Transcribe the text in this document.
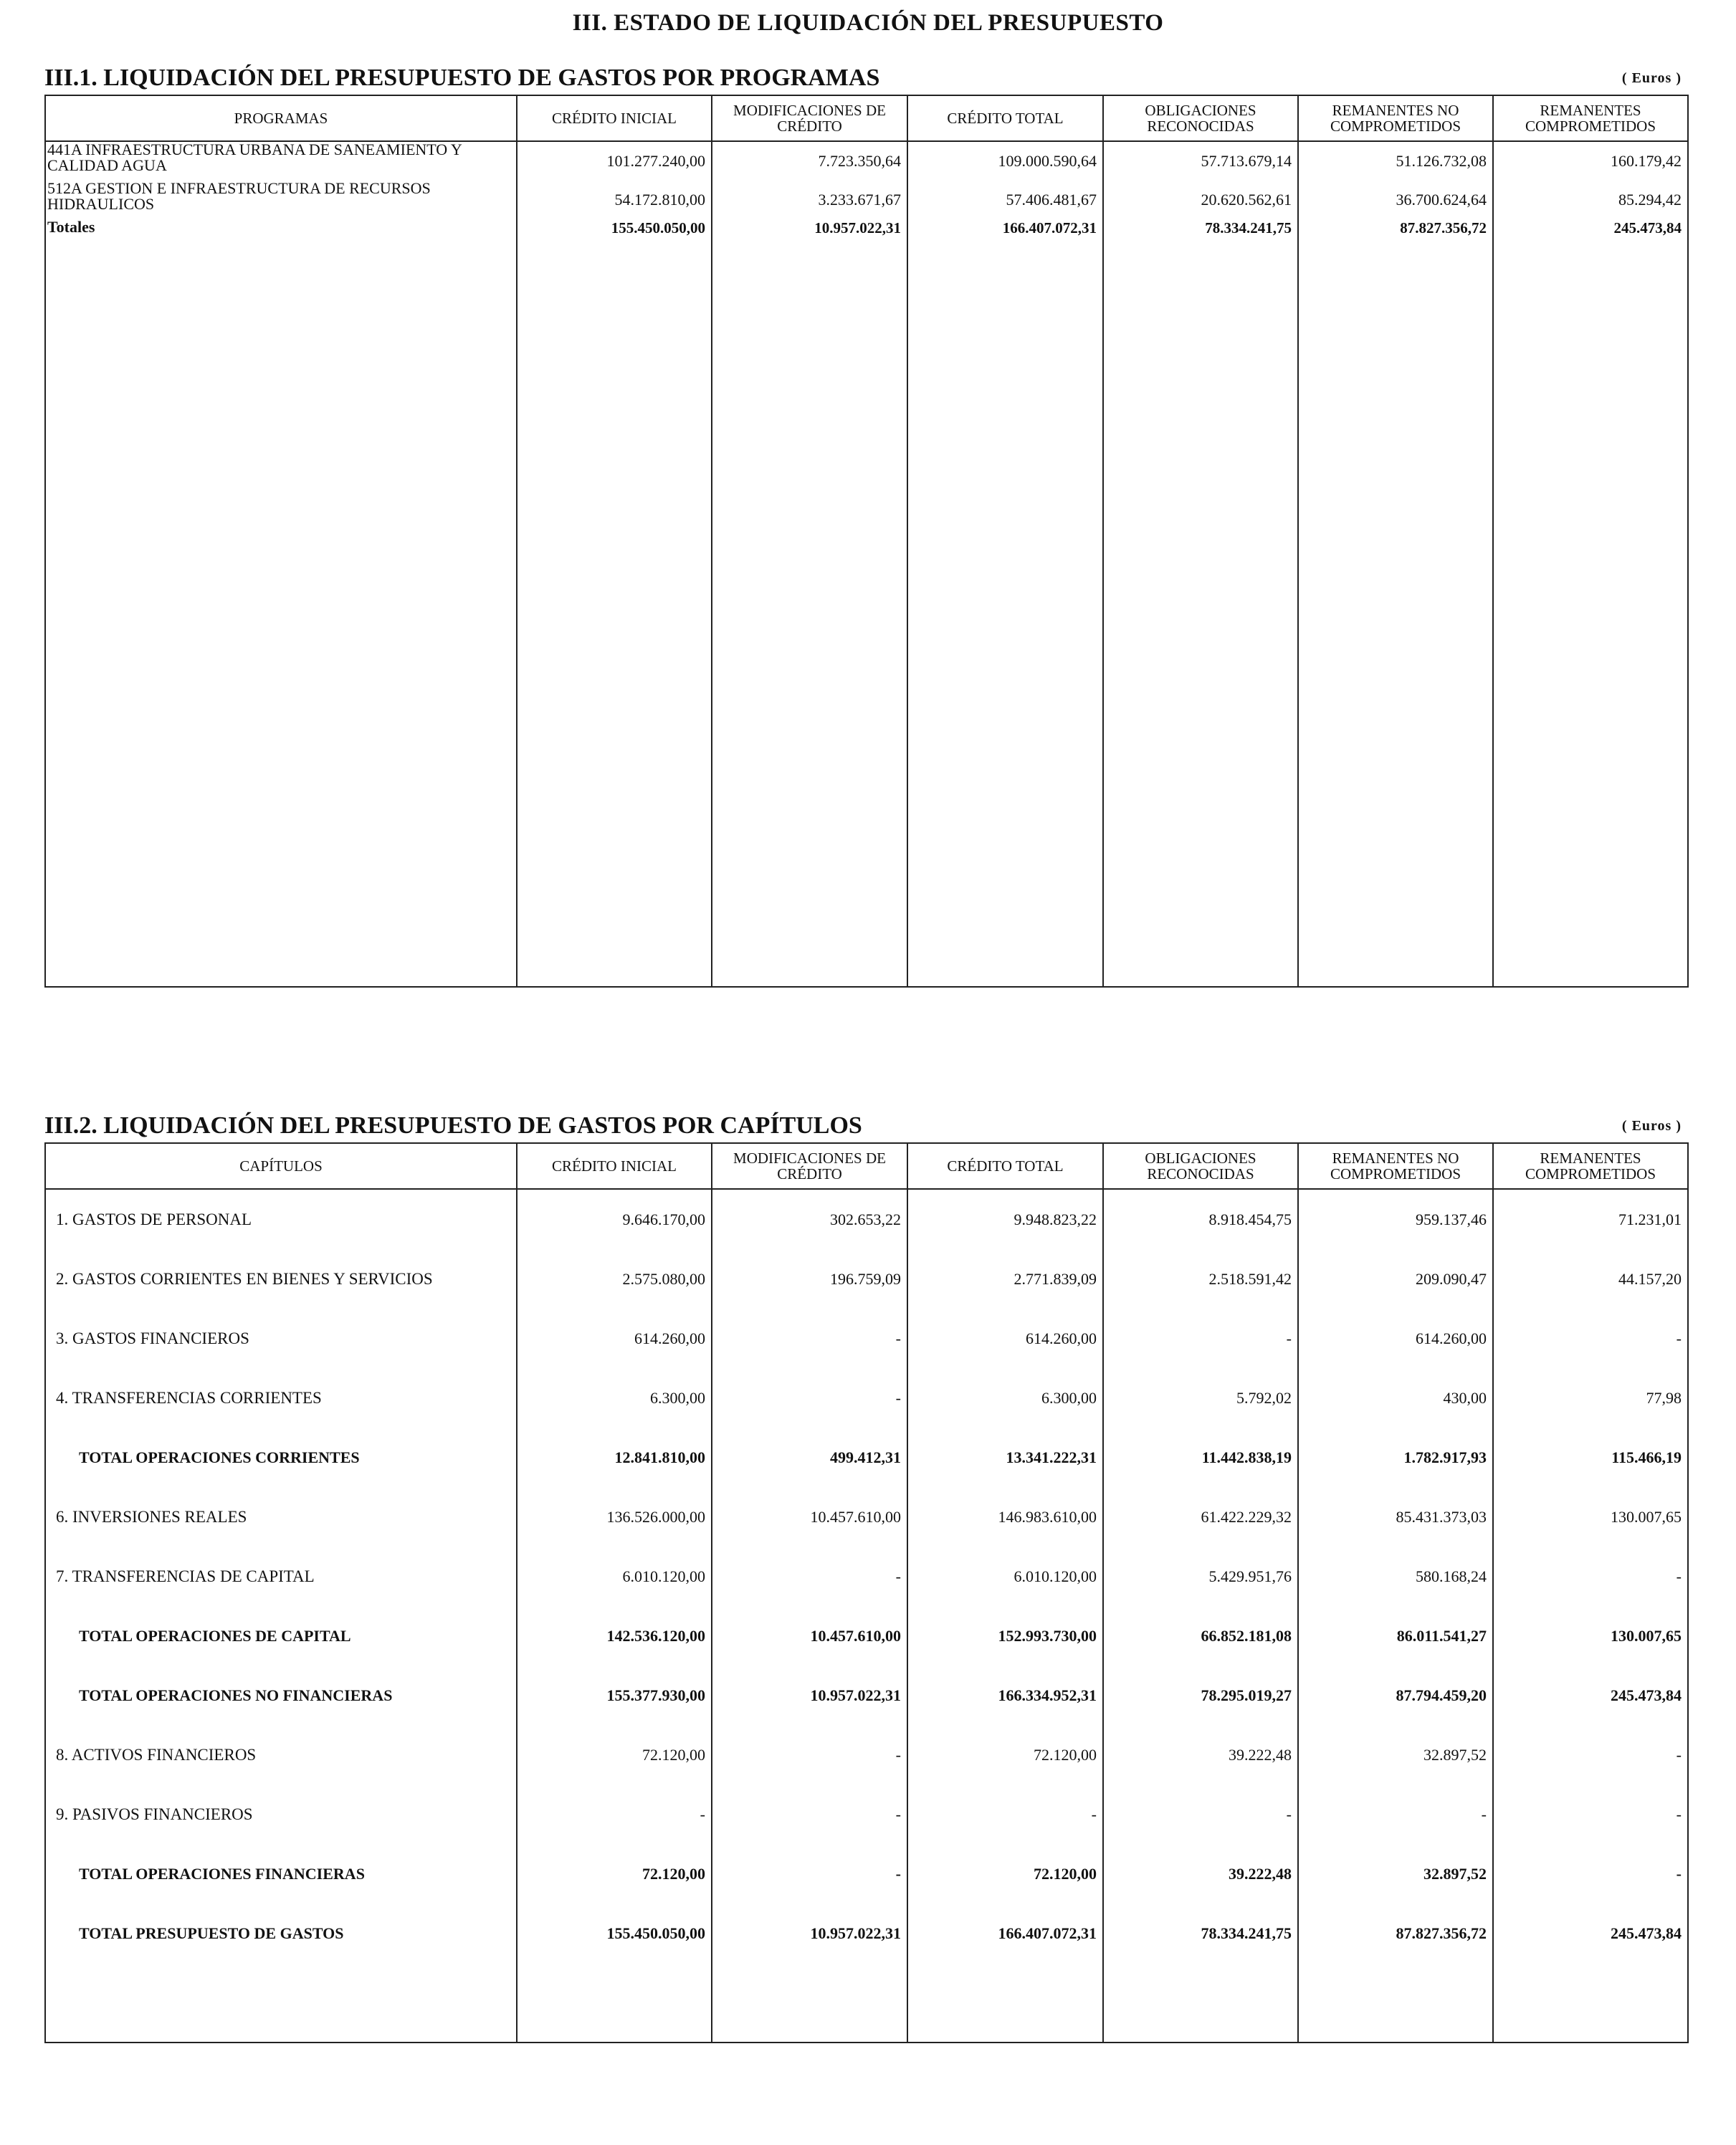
III. ESTADO DE LIQUIDACIÓN DEL PRESUPUESTO
III.1. LIQUIDACIÓN DEL PRESUPUESTO DE GASTOS POR PROGRAMAS	( Euros )
PROGRAMAS	CRÉDITO INICIAL	MODIFICACIONES DE CRÉDITO	CRÉDITO TOTAL	OBLIGACIONES RECONOCIDAS	REMANENTES NO COMPROMETIDOS	REMANENTES COMPROMETIDOS
441A INFRAESTRUCTURA URBANA DE SANEAMIENTO Y CALIDAD AGUA	101.277.240,00	7.723.350,64	109.000.590,64	57.713.679,14	51.126.732,08	160.179,42
512A GESTION E INFRAESTRUCTURA DE RECURSOS HIDRAULICOS	54.172.810,00	3.233.671,67	57.406.481,67	20.620.562,61	36.700.624,64	85.294,42
Totales	155.450.050,00	10.957.022,31	166.407.072,31	78.334.241,75	87.827.356,72	245.473,84

III.2. LIQUIDACIÓN DEL PRESUPUESTO DE GASTOS POR CAPÍTULOS	( Euros )
CAPÍTULOS	CRÉDITO INICIAL	MODIFICACIONES DE CRÉDITO	CRÉDITO TOTAL	OBLIGACIONES RECONOCIDAS	REMANENTES NO COMPROMETIDOS	REMANENTES COMPROMETIDOS
1. GASTOS DE PERSONAL	9.646.170,00	302.653,22	9.948.823,22	8.918.454,75	959.137,46	71.231,01
2. GASTOS CORRIENTES EN BIENES Y SERVICIOS	2.575.080,00	196.759,09	2.771.839,09	2.518.591,42	209.090,47	44.157,20
3. GASTOS FINANCIEROS	614.260,00	-	614.260,00	-	614.260,00	-
4. TRANSFERENCIAS CORRIENTES	6.300,00	-	6.300,00	5.792,02	430,00	77,98
TOTAL OPERACIONES CORRIENTES	12.841.810,00	499.412,31	13.341.222,31	11.442.838,19	1.782.917,93	115.466,19
6. INVERSIONES REALES	136.526.000,00	10.457.610,00	146.983.610,00	61.422.229,32	85.431.373,03	130.007,65
7. TRANSFERENCIAS DE CAPITAL	6.010.120,00	-	6.010.120,00	5.429.951,76	580.168,24	-
TOTAL OPERACIONES DE CAPITAL	142.536.120,00	10.457.610,00	152.993.730,00	66.852.181,08	86.011.541,27	130.007,65
TOTAL OPERACIONES NO FINANCIERAS	155.377.930,00	10.957.022,31	166.334.952,31	78.295.019,27	87.794.459,20	245.473,84
8. ACTIVOS FINANCIEROS	72.120,00	-	72.120,00	39.222,48	32.897,52	-
9. PASIVOS FINANCIEROS	-	-	-	-	-	-
TOTAL OPERACIONES FINANCIERAS	72.120,00	-	72.120,00	39.222,48	32.897,52	-
TOTAL PRESUPUESTO DE GASTOS	155.450.050,00	10.957.022,31	166.407.072,31	78.334.241,75	87.827.356,72	245.473,84
